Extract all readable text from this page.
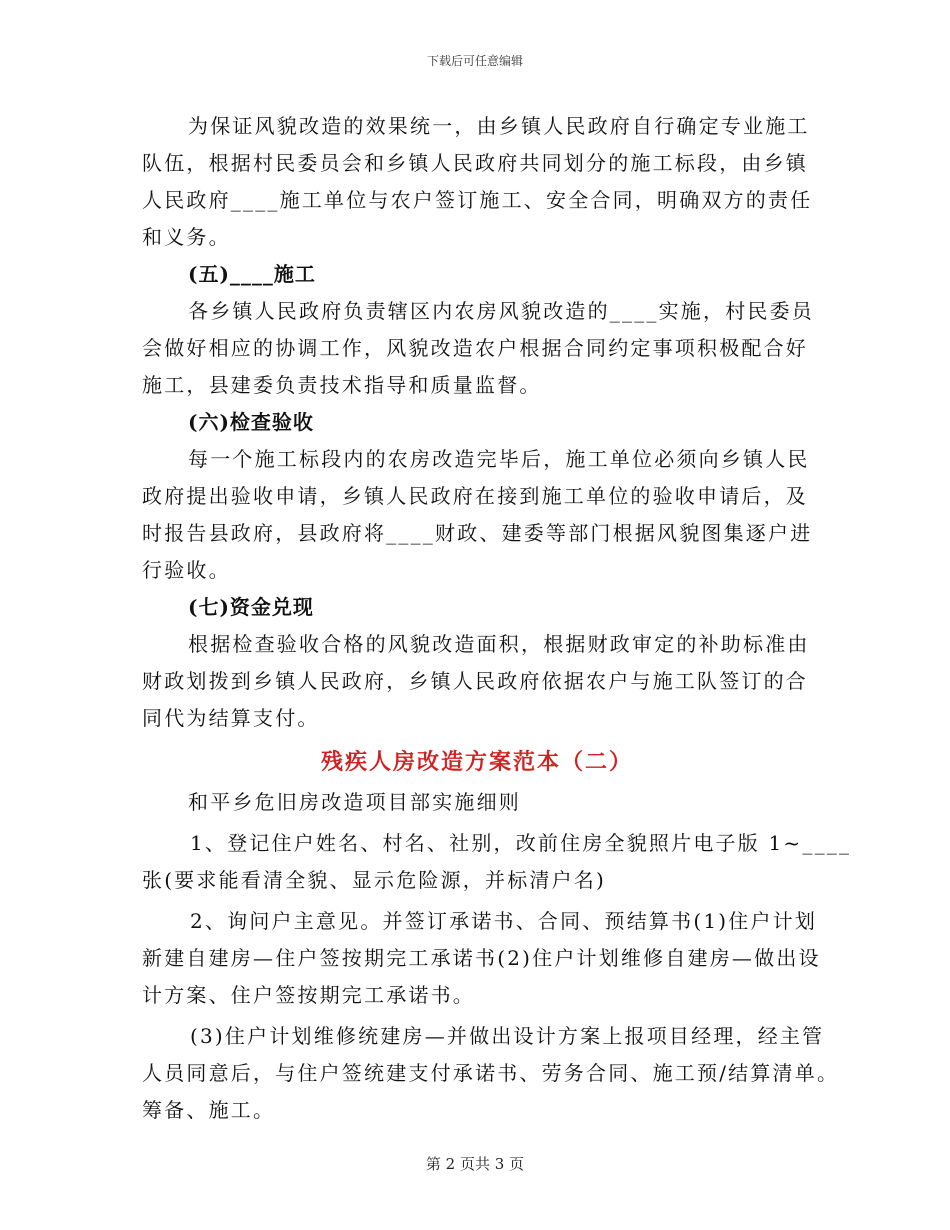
下载后可任意编辑
为保证风貌改造的效果统一，由乡镇人民政府自行确定专业施工
队伍，根据村民委员会和乡镇人民政府共同划分的施工标段，由乡镇
人民政府____施工单位与农户签订施工、安全合同，明确双方的责任
和义务。
(五)____施工
各乡镇人民政府负责辖区内农房风貌改造的____实施，村民委员
会做好相应的协调工作，风貌改造农户根据合同约定事项积极配合好
施工，县建委负责技术指导和质量监督。
(六)检查验收
每一个施工标段内的农房改造完毕后，施工单位必须向乡镇人民
政府提出验收申请，乡镇人民政府在接到施工单位的验收申请后，及
时报告县政府，县政府将____财政、建委等部门根据风貌图集逐户进
行验收。
(七)资金兑现
根据检查验收合格的风貌改造面积，根据财政审定的补助标准由
财政划拨到乡镇人民政府，乡镇人民政府依据农户与施工队签订的合
同代为结算支付。
残疾人房改造方案范本（二）
和平乡危旧房改造项目部实施细则
1、登记住户姓名、村名、社别，改前住房全貌照片电子版 1~____
张(要求能看清全貌、显示危险源，并标清户名)
2、询问户主意见。并签订承诺书、合同、预结算书(1)住户计划
新建自建房—住户签按期完工承诺书(2)住户计划维修自建房—做出设
计方案、住户签按期完工承诺书。
(3)住户计划维修统建房—并做出设计方案上报项目经理，经主管
人员同意后，与住户签统建支付承诺书、劳务合同、施工预/结算清单。
筹备、施工。
第 2 页共 3 页
